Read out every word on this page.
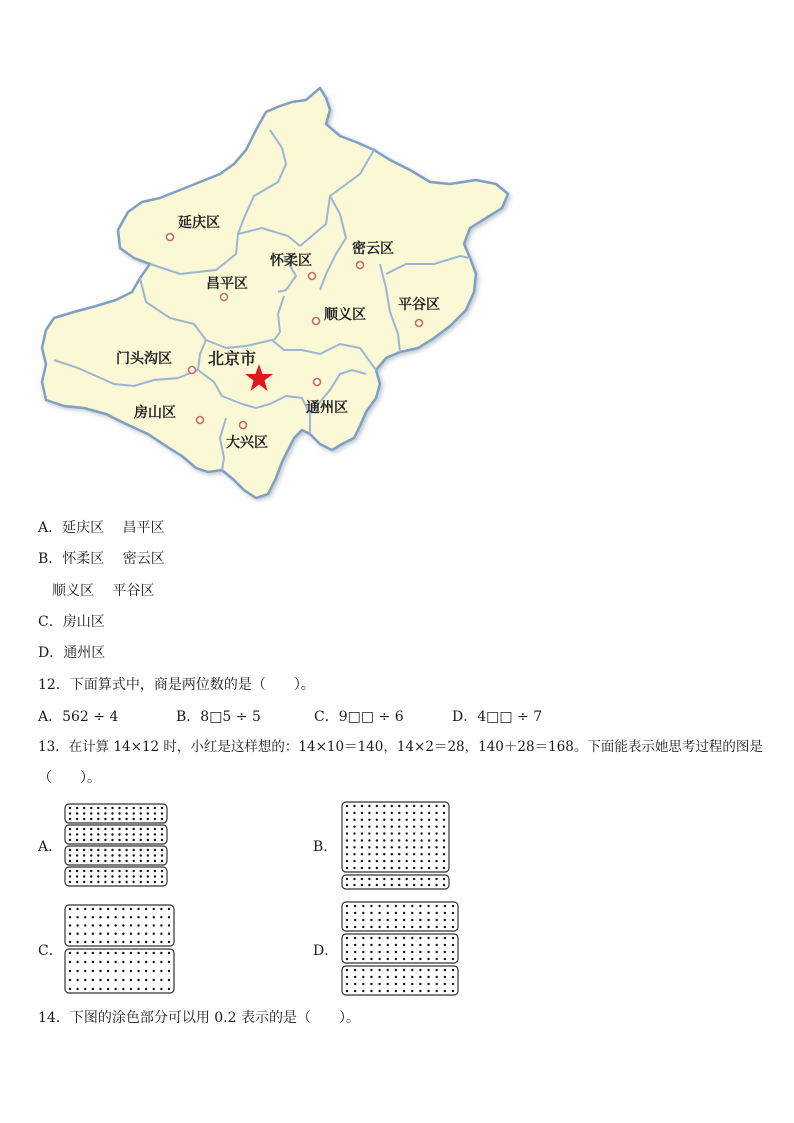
延庆区
怀柔区
密云区
昌平区
顺义区
平谷区
门头沟区
通州区
房山区
大兴区
北京市
A．延庆区　 昌平区
B．怀柔区　 密云区
　顺义区　 平谷区
C．房山区
D．通州区
12．下面算式中，商是两位数的是（　　）。
A．562 ÷ 4	B．8□5 ÷ 5	C．9□□ ÷ 6	D．4□□ ÷ 7
13．在计算 14×12 时，小红是这样想的：14×10＝140，14×2＝28，140＋28＝168。下面能表示她思考过程的图是
（　　）。
A．	B．
C．	D．
14．下图的涂色部分可以用 0.2 表示的是（　　）。
